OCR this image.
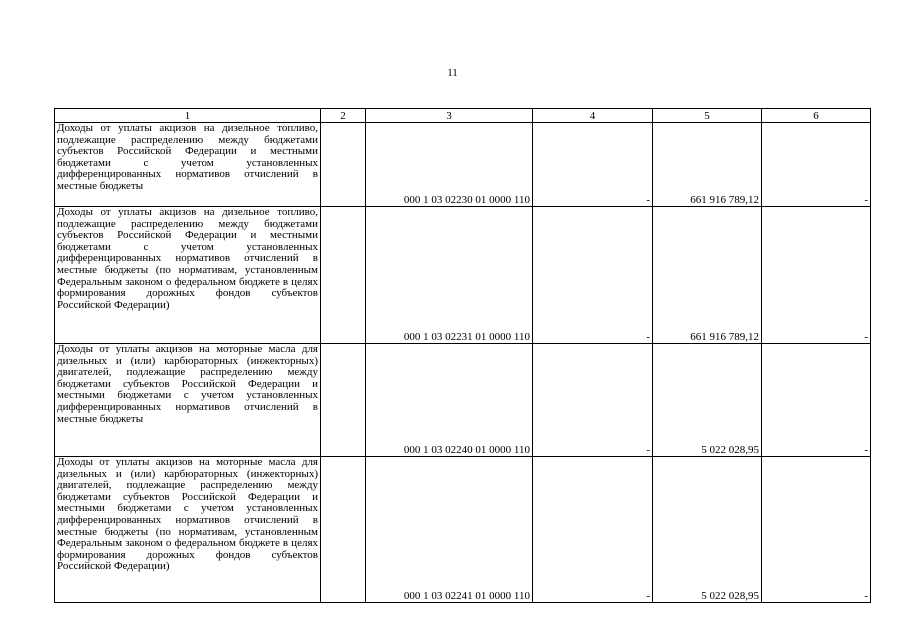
11
1	2	3	4	5	6
Доходы от уплаты акцизов на дизельное топливо, подлежащие распределению между бюджетами субъектов Российской Федерации и местными бюджетами с учетом установленных дифференцированных нормативов отчислений в местные бюджеты		000 1 03 02230 01 0000 110	-	661 916 789,12	-
Доходы от уплаты акцизов на дизельное топливо, подлежащие распределению между бюджетами субъектов Российской Федерации и местными бюджетами с учетом установленных дифференцированных нормативов отчислений в местные бюджеты (по нормативам, установленным Федеральным законом о федеральном бюджете в целях формирования дорожных фондов субъектов Российской Федерации)		000 1 03 02231 01 0000 110	-	661 916 789,12	-
Доходы от уплаты акцизов на моторные масла для дизельных и (или) карбюраторных (инжекторных) двигателей, подлежащие распределению между бюджетами субъектов Российской Федерации и местными бюджетами с учетом установленных дифференцированных нормативов отчислений в местные бюджеты		000 1 03 02240 01 0000 110	-	5 022 028,95	-
Доходы от уплаты акцизов на моторные масла для дизельных и (или) карбюраторных (инжекторных) двигателей, подлежащие распределению между бюджетами субъектов Российской Федерации и местными бюджетами с учетом установленных дифференцированных нормативов отчислений в местные бюджеты (по нормативам, установленным Федеральным законом о федеральном бюджете в целях формирования дорожных фондов субъектов Российской Федерации)		000 1 03 02241 01 0000 110	-	5 022 028,95	-
